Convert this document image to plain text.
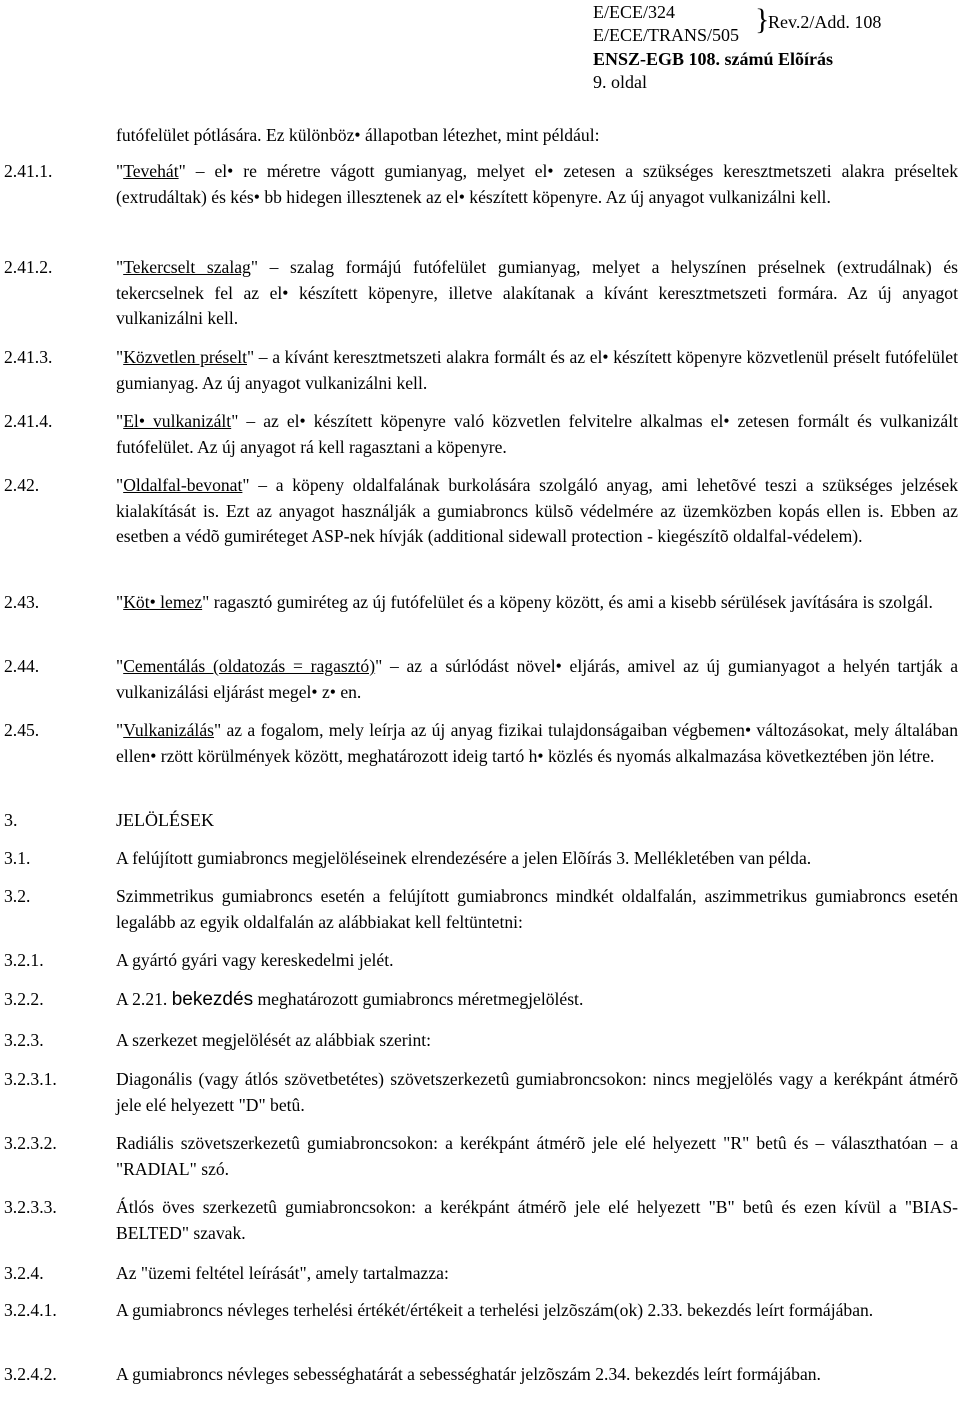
E/ECE/324
E/ECE/TRANS/505 }
Rev.2/Add. 108
ENSZ-EGB 108. számú Elõírás
9. oldal
futófelület pótlására. Ez különböz• állapotban létezhet, mint például:
2.41.1.	"Tevehát" – el• re méretre vágott gumianyag, melyet el• zetesen a szükséges keresztmetszeti alakra préseltek (extrudáltak) és kés• bb hidegen illesztenek az el• készített köpenyre. Az új anyagot vulkanizálni kell.
2.41.2.	"Tekercselt szalag" – szalag formájú futófelület gumianyag, melyet a helyszínen préselnek (extrudálnak) és tekercselnek fel az el• készített köpenyre, illetve alakítanak a kívánt keresztmetszeti formára. Az új anyagot vulkanizálni kell.
2.41.3.	"Közvetlen préselt" – a kívánt keresztmetszeti alakra formált és az el• készített köpenyre közvetlenül préselt futófelület gumianyag. Az új anyagot vulkanizálni kell.
2.41.4.	"El• vulkanizált" – az el• készített köpenyre való közvetlen felvitelre alkalmas el• zetesen formált és vulkanizált futófelület. Az új anyagot rá kell ragasztani a köpenyre.
2.42.	"Oldalfal-bevonat" – a köpeny oldalfalának burkolására szolgáló anyag, ami lehetõvé teszi a szükséges jelzések kialakítását is. Ezt az anyagot használják a gumiabroncs külsõ védelmére az üzemközben kopás ellen is. Ebben az esetben a védõ gumiréteget ASP-nek hívják (additional sidewall protection - kiegészítõ oldalfal-védelem).
2.43.	"Köt• lemez" ragasztó gumiréteg az új futófelület és a köpeny között, és ami a kisebb sérülések javítására is szolgál.
2.44.	"Cementálás (oldatozás = ragasztó)" – az a súrlódást növel• eljárás, amivel az új gumianyagot a helyén tartják a vulkanizálási eljárást megel• z• en.
2.45.	"Vulkanizálás" az a fogalom, mely leírja az új anyag fizikai tulajdonságaiban végbemen• változásokat, mely általában ellen• rzött körülmények között, meghatározott ideig tartó h• közlés és nyomás alkalmazása következtében jön létre.
3.	JELÖLÉSEK
3.1.	A felújított gumiabroncs megjelöléseinek elrendezésére a jelen Elõírás 3. Mellékletében van példa.
3.2.	Szimmetrikus gumiabroncs esetén a felújított gumiabroncs mindkét oldalfalán, aszimmetrikus gumiabroncs esetén legalább az egyik oldalfalán az alábbiakat kell feltüntetni:
3.2.1.	A gyártó gyári vagy kereskedelmi jelét.
3.2.2.	A 2.21. bekezdés meghatározott gumiabroncs méretmegjelölést.
3.2.3.	A szerkezet megjelölését az alábbiak szerint:
3.2.3.1.	Diagonális (vagy átlós szövetbetétes) szövetszerkezetû gumiabroncsokon: nincs megjelölés vagy a kerékpánt átmérõ jele elé helyezett "D" betû.
3.2.3.2.	Radiális szövetszerkezetû gumiabroncsokon: a kerékpánt átmérõ jele elé helyezett "R" betû és – választhatóan – a "RADIAL" szó.
3.2.3.3.	Átlós öves szerkezetû gumiabroncsokon: a kerékpánt átmérõ jele elé helyezett "B" betû és ezen kívül a "BIAS-BELTED" szavak.
3.2.4.	Az "üzemi feltétel leírását", amely tartalmazza:
3.2.4.1.	A gumiabroncs névleges terhelési értékét/értékeit a terhelési jelzõszám(ok) 2.33. bekezdés leírt formájában.
3.2.4.2.	A gumiabroncs névleges sebességhatárát a sebességhatár jelzõszám 2.34. bekezdés leírt formájában.
